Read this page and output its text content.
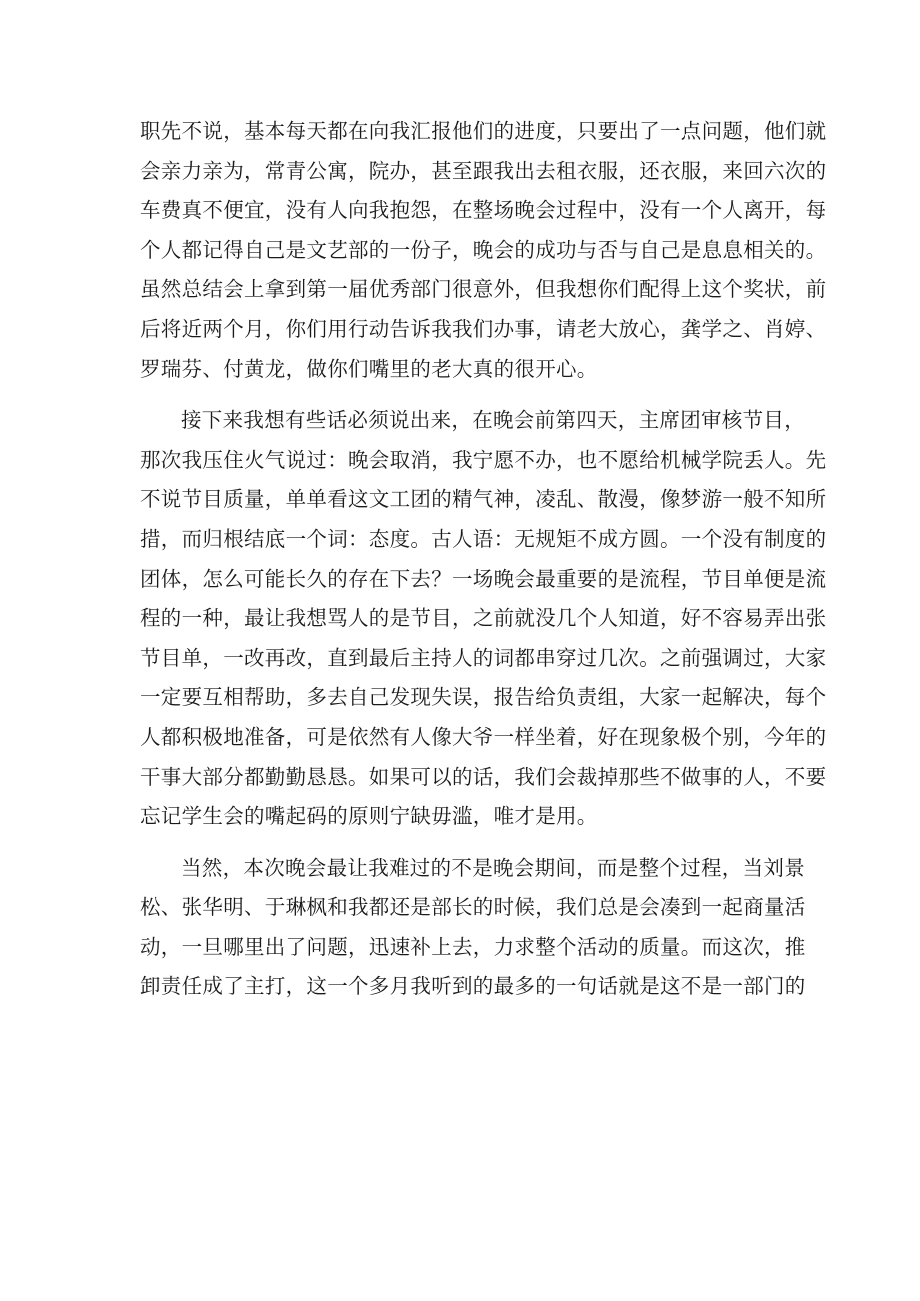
职先不说，基本每天都在向我汇报他们的进度，只要出了一点问题，他们就
会亲力亲为，常青公寓，院办，甚至跟我出去租衣服，还衣服，来回六次的
车费真不便宜，没有人向我抱怨，在整场晚会过程中，没有一个人离开，每
个人都记得自己是文艺部的一份子，晚会的成功与否与自己是息息相关的。
虽然总结会上拿到第一届优秀部门很意外，但我想你们配得上这个奖状，前
后将近两个月，你们用行动告诉我我们办事，请老大放心，龚学之、肖婷、
罗瑞芬、付黄龙，做你们嘴里的老大真的很开心。
接下来我想有些话必须说出来，在晚会前第四天，主席团审核节目，
那次我压住火气说过：晚会取消，我宁愿不办，也不愿给机械学院丢人。先
不说节目质量，单单看这文工团的精气神，凌乱、散漫，像梦游一般不知所
措，而归根结底一个词：态度。古人语：无规矩不成方圆。一个没有制度的
团体，怎么可能长久的存在下去？一场晚会最重要的是流程，节目单便是流
程的一种，最让我想骂人的是节目，之前就没几个人知道，好不容易弄出张
节目单，一改再改，直到最后主持人的词都串穿过几次。之前强调过，大家
一定要互相帮助，多去自己发现失误，报告给负责组，大家一起解决，每个
人都积极地准备，可是依然有人像大爷一样坐着，好在现象极个别，今年的
干事大部分都勤勤恳恳。如果可以的话，我们会裁掉那些不做事的人，不要
忘记学生会的嘴起码的原则宁缺毋滥，唯才是用。
当然，本次晚会最让我难过的不是晚会期间，而是整个过程，当刘景
松、张华明、于琳枫和我都还是部长的时候，我们总是会凑到一起商量活
动，一旦哪里出了问题，迅速补上去，力求整个活动的质量。而这次，推
卸责任成了主打，这一个多月我听到的最多的一句话就是这不是一部门的
